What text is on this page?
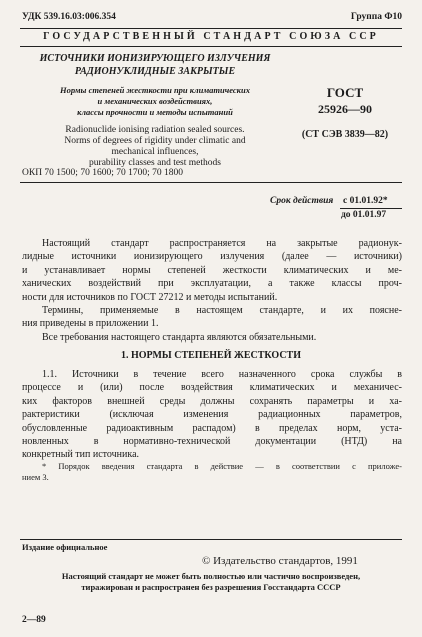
УДК 539.16.03:006.354	Группа Ф10
ГОСУДАРСТВЕННЫЙ СТАНДАРТ СОЮЗА ССР
ИСТОЧНИКИ ИОНИЗИРУЮЩЕГО ИЗЛУЧЕНИЯ
РАДИОНУКЛИДНЫЕ ЗАКРЫТЫЕ
Нормы степеней жесткости при климатических
и механических воздействиях,
классы прочности и методы испытаний
Radionuclide ionising radiation sealed sources.
Norms of degrees of rigidity under climatic and
mechanical influences,
purability classes and test methods
ОКП 70 1500; 70 1600; 70 1700; 70 1800
ГОСТ
25926—90
(СТ СЭВ 3839—82)
Срок действия с 01.01.92*
до 01.01.97
Настоящий стандарт распространяется на закрытые радионук-
лидные источники ионизирующего излучения (далее — источники)
и устанавливает нормы степеней жесткости климатических и ме-
ханических воздействий при эксплуатации, а также классы проч-
ности для источников по ГОСТ 27212 и методы испытаний.
Термины, применяемые в настоящем стандарте, и их поясне-
ния приведены в приложении 1.
Все требования настоящего стандарта являются обязательными.
1. НОРМЫ СТЕПЕНЕЙ ЖЕСТКОСТИ
1.1. Источники в течение всего назначенного срока службы в
процессе и (или) после воздействия климатических и механичес-
ких факторов внешней среды должны сохранять параметры и ха-
рактеристики (исключая изменения радиационных параметров,
обусловленные радиоактивным распадом) в пределах норм, уста-
новленных в нормативно-технической документации (НТД) на
конкретный тип источника.
* Порядок введения стандарта в действие — в соответствии с приложе-
нием 3.
Издание официальное
© Издательство стандартов, 1991
Настоящий стандарт не может быть полностью или частично воспроизведен,
тиражирован и распространен без разрешения Госстандарта СССР
2—89
